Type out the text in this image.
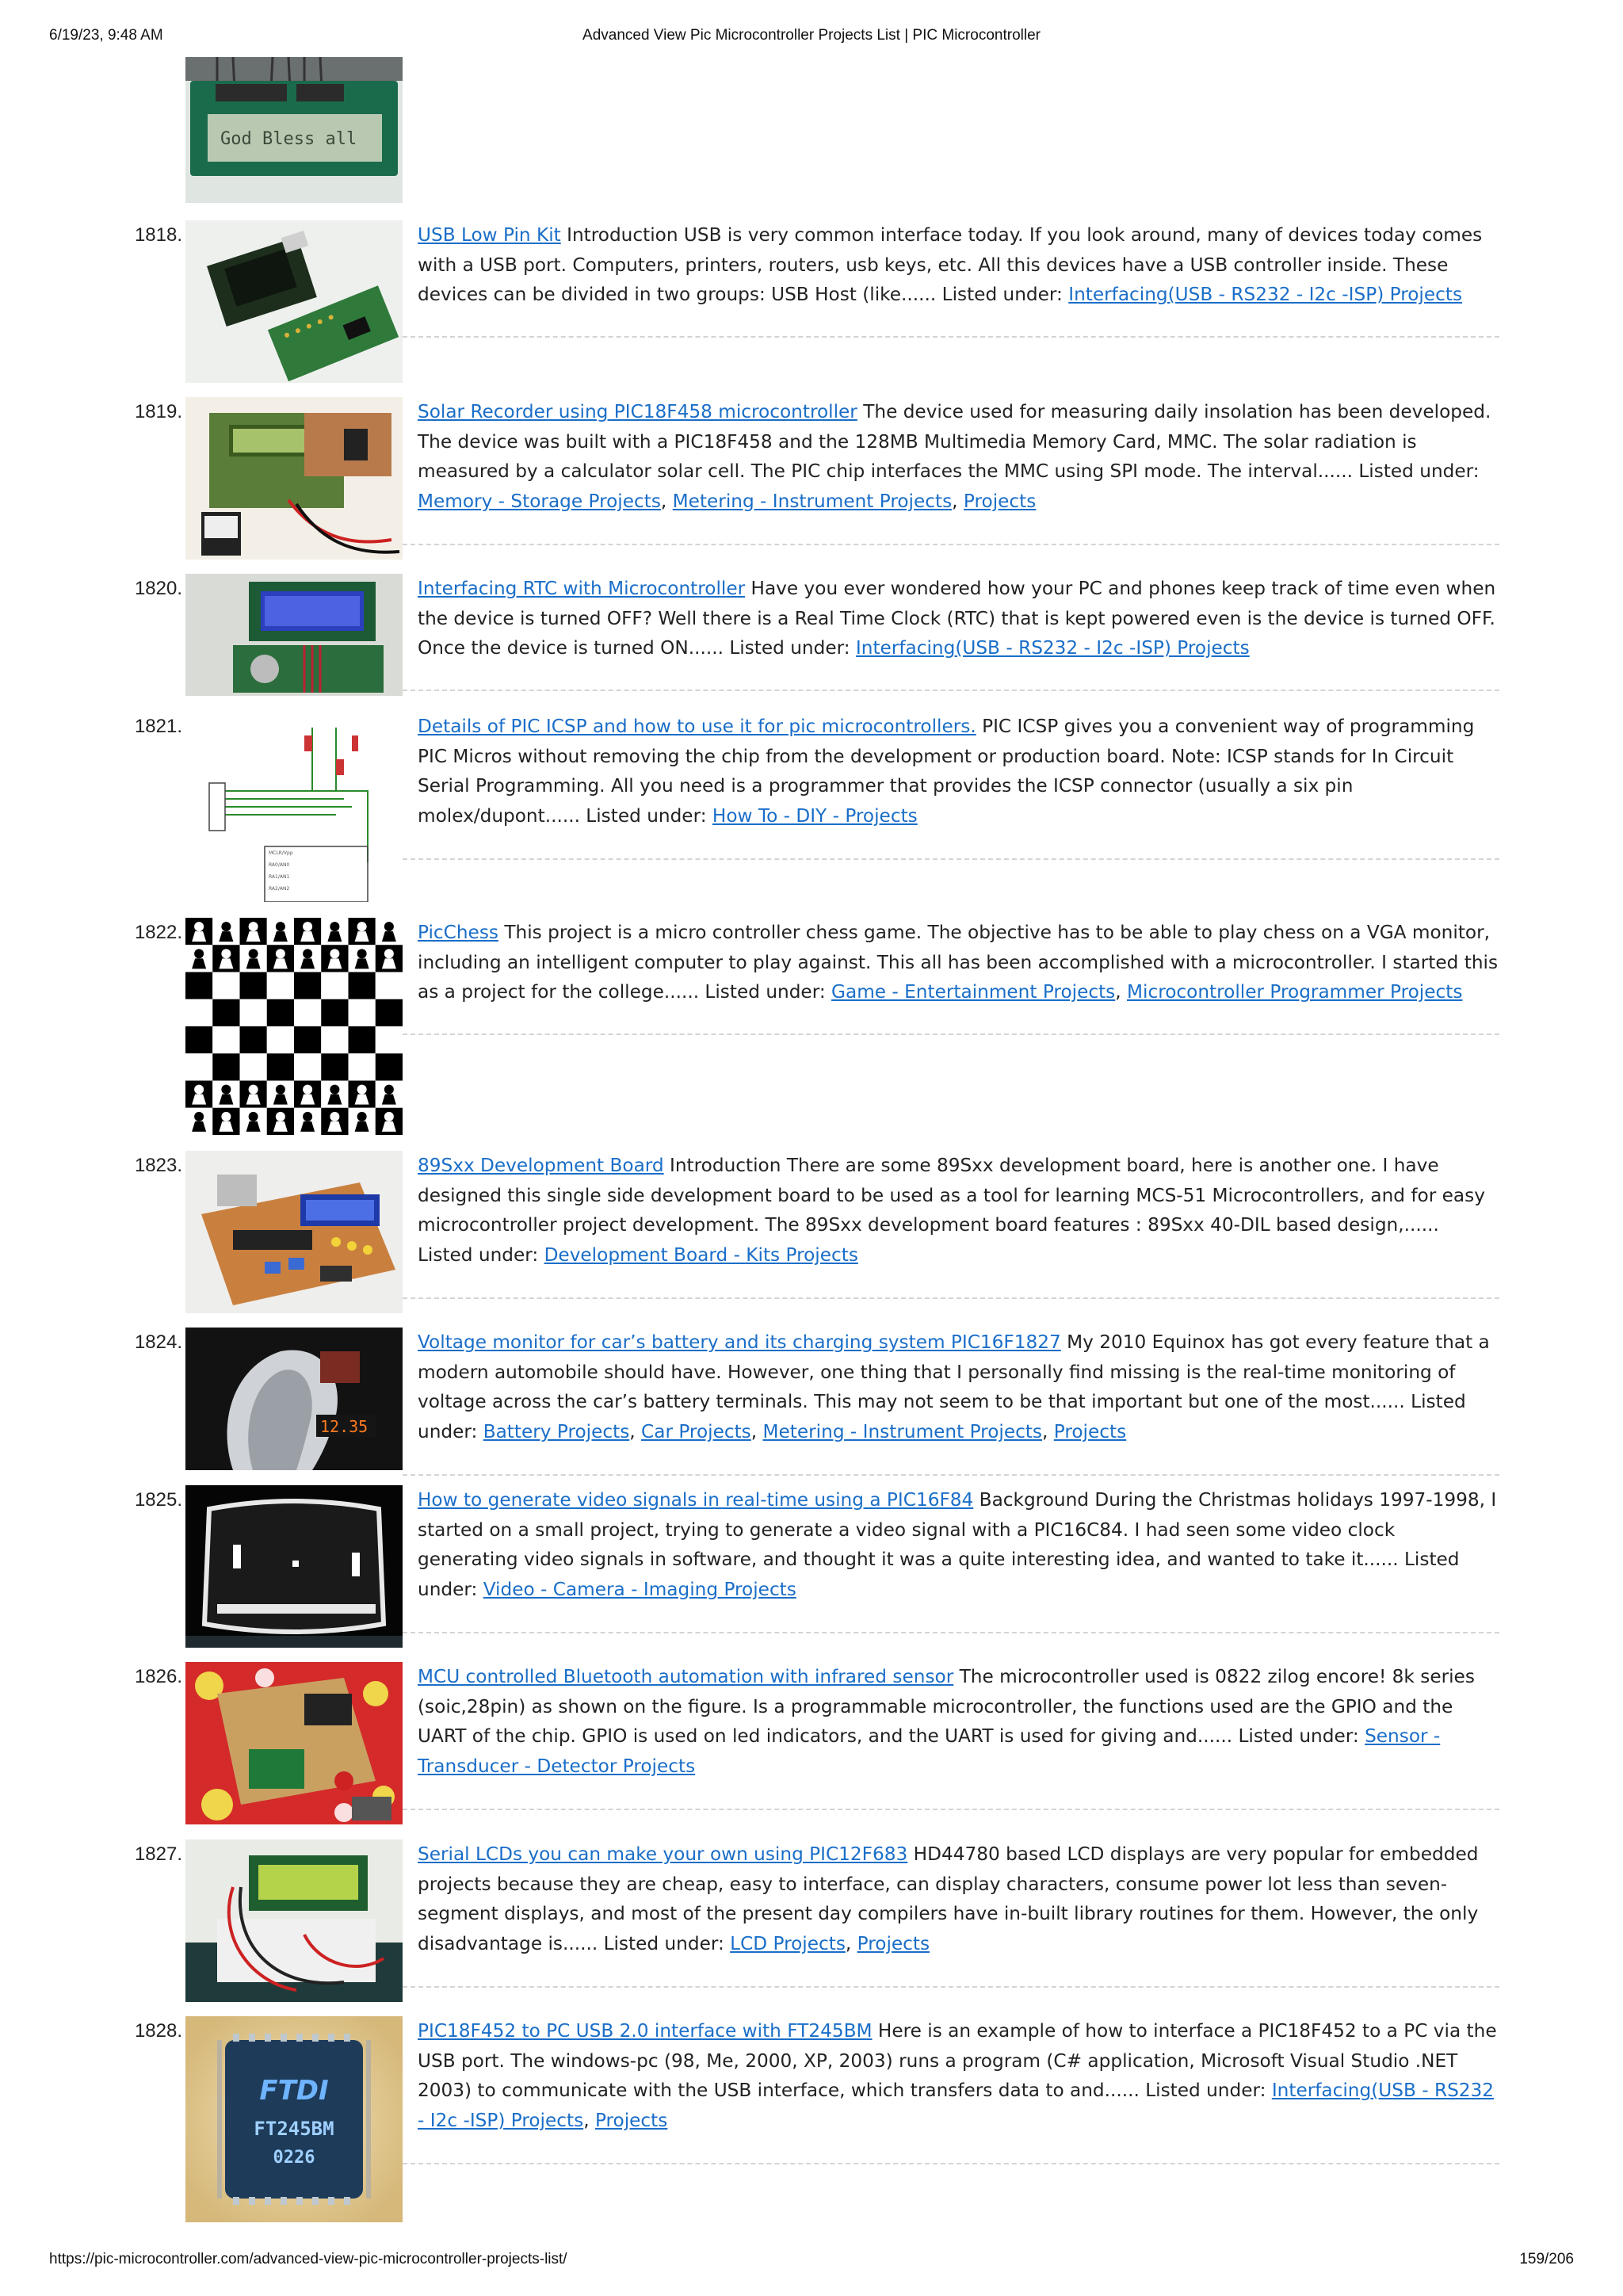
6/19/23, 9:48 AM	Advanced View Pic Microcontroller Projects List | PIC Microcontroller
God Bless all
1818.	USB Low Pin Kit Introduction USB is very common interface today. If you look around, many of devices today comes with a USB port. Computers, printers, routers, usb keys, etc. All this devices have a USB controller inside. These devices can be divided in two groups: USB Host (like...... Listed under: Interfacing(USB - RS232 - I2c -ISP) Projects
1819.	Solar Recorder using PIC18F458 microcontroller The device used for measuring daily insolation has been developed. The device was built with a PIC18F458 and the 128MB Multimedia Memory Card, MMC. The solar radiation is measured by a calculator solar cell. The PIC chip interfaces the MMC using SPI mode. The interval...... Listed under: Memory - Storage Projects, Metering - Instrument Projects, Projects
1820.	Interfacing RTC with Microcontroller Have you ever wondered how your PC and phones keep track of time even when the device is turned OFF? Well there is a Real Time Clock (RTC) that is kept powered even is the device is turned OFF. Once the device is turned ON...... Listed under: Interfacing(USB - RS232 - I2c -ISP) Projects
1821.
MCLR/Vpp
RA0/AN0
RA1/AN1
RA2/AN2
Details of PIC ICSP and how to use it for pic microcontrollers. PIC ICSP gives you a convenient way of programming PIC Micros without removing the chip from the development or production board. Note: ICSP stands for In Circuit Serial Programming. All you need is a programmer that provides the ICSP connector (usually a six pin molex/dupont...... Listed under: How To - DIY - Projects
1822.	PicChess This project is a micro controller chess game. The objective has to be able to play chess on a VGA monitor, including an intelligent computer to play against. This all has been accomplished with a microcontroller. I started this as a project for the college...... Listed under: Game - Entertainment Projects, Microcontroller Programmer Projects
1823.	89Sxx Development Board Introduction There are some 89Sxx development board, here is another one. I have designed this single side development board to be used as a tool for learning MCS-51 Microcontrollers, and for easy microcontroller project development. The 89Sxx development board features : 89Sxx 40-DIL based design,...... Listed under: Development Board - Kits Projects
1824.
12.35
Voltage monitor for car’s battery and its charging system PIC16F1827 My 2010 Equinox has got every feature that a modern automobile should have. However, one thing that I personally find missing is the real-time monitoring of voltage across the car’s battery terminals. This may not seem to be that important but one of the most...... Listed under: Battery Projects, Car Projects, Metering - Instrument Projects, Projects
1825.	How to generate video signals in real-time using a PIC16F84 Background During the Christmas holidays 1997-1998, I started on a small project, trying to generate a video signal with a PIC16C84. I had seen some video clock generating video signals in software, and thought it was a quite interesting idea, and wanted to take it...... Listed under: Video - Camera - Imaging Projects
1826.	MCU controlled Bluetooth automation with infrared sensor The microcontroller used is 0822 zilog encore! 8k series (soic,28pin) as shown on the figure. Is a programmable microcontroller, the functions used are the GPIO and the UART of the chip. GPIO is used on led indicators, and the UART is used for giving and...... Listed under: Sensor - Transducer - Detector Projects
1827.	Serial LCDs you can make your own using PIC12F683 HD44780 based LCD displays are very popular for embedded projects because they are cheap, easy to interface, can display characters, consume power lot less than seven-segment displays, and most of the present day compilers have in-built library routines for them. However, the only disadvantage is...... Listed under: LCD Projects, Projects
1828.
FTDI
FT245BM
0226
PIC18F452 to PC USB 2.0 interface with FT245BM Here is an example of how to interface a PIC18F452 to a PC via the USB port. The windows-pc (98, Me, 2000, XP, 2003) runs a program (C# application, Microsoft Visual Studio .NET 2003) to communicate with the USB interface, which transfers data to and...... Listed under: Interfacing(USB - RS232 - I2c -ISP) Projects, Projects
https://pic-microcontroller.com/advanced-view-pic-microcontroller-projects-list/	159/206
